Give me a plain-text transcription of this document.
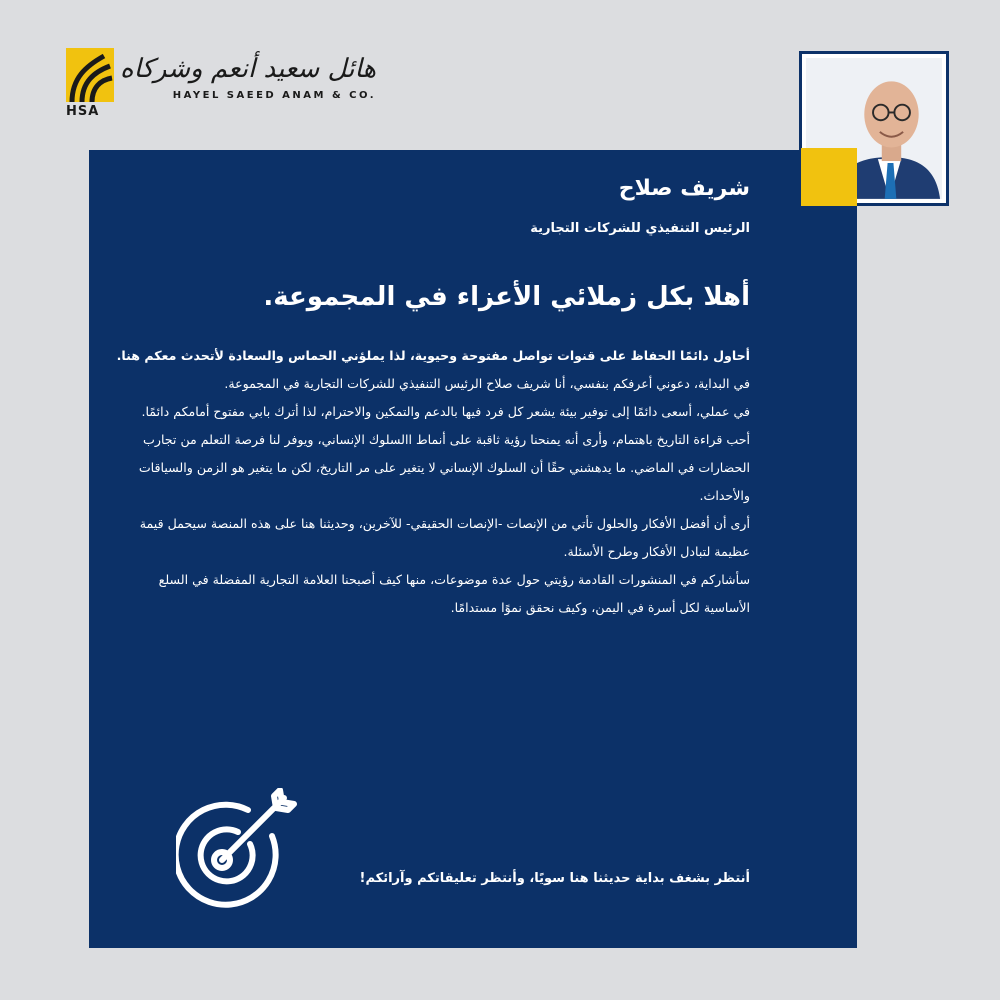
هائل سعيد أنعم وشركاه
HAYEL SAEED ANAM & CO.
HSA
شريف صلاح
الرئيس التنفيذي للشركات التجارية
أهلا بكل زملائي الأعزاء في المجموعة.

أحاول دائمًا الحفاظ على قنوات تواصل مفتوحة وحيوية، لذا يملؤني الحماس والسعادة لأتحدث معكم هنا.

في البداية، دعوني أعرفكم بنفسي، أنا شريف صلاح الرئيس التنفيذي للشركات التجارية في المجموعة.

في عملي، أسعى دائمًا إلى توفير بيئة يشعر كل فرد فيها بالدعم والتمكين والاحترام، لذا أترك بابي مفتوح أمامكم دائمًا.

أحب قراءة التاريخ باهتمام، وأرى أنه يمنحنا رؤية ثاقبة على أنماط االسلوك الإنساني، ويوفر لنا فرصة التعلم من تجارب الحضارات في الماضي. ما يدهشني حقًا أن السلوك الإنساني لا يتغير على مر التاريخ، لكن ما يتغير هو الزمن والسياقات والأحداث.

أرى أن أفضل الأفكار والحلول تأتي من الإنصات -الإنصات الحقيقي- للآخرين، وحديثنا هنا على هذه المنصة سيحمل قيمة عظيمة لتبادل الأفكار وطرح الأسئلة.

سأشاركم في المنشورات القادمة رؤيتي حول عدة موضوعات، منها كيف أصبحنا العلامة التجارية المفضلة في السلع الأساسية لكل أسرة في اليمن، وكيف نحقق نموًا مستدامًا.

أنتظر بشغف بداية حديثنا هنا سويًا، وأنتظر تعليقاتكم وآرائكم!
